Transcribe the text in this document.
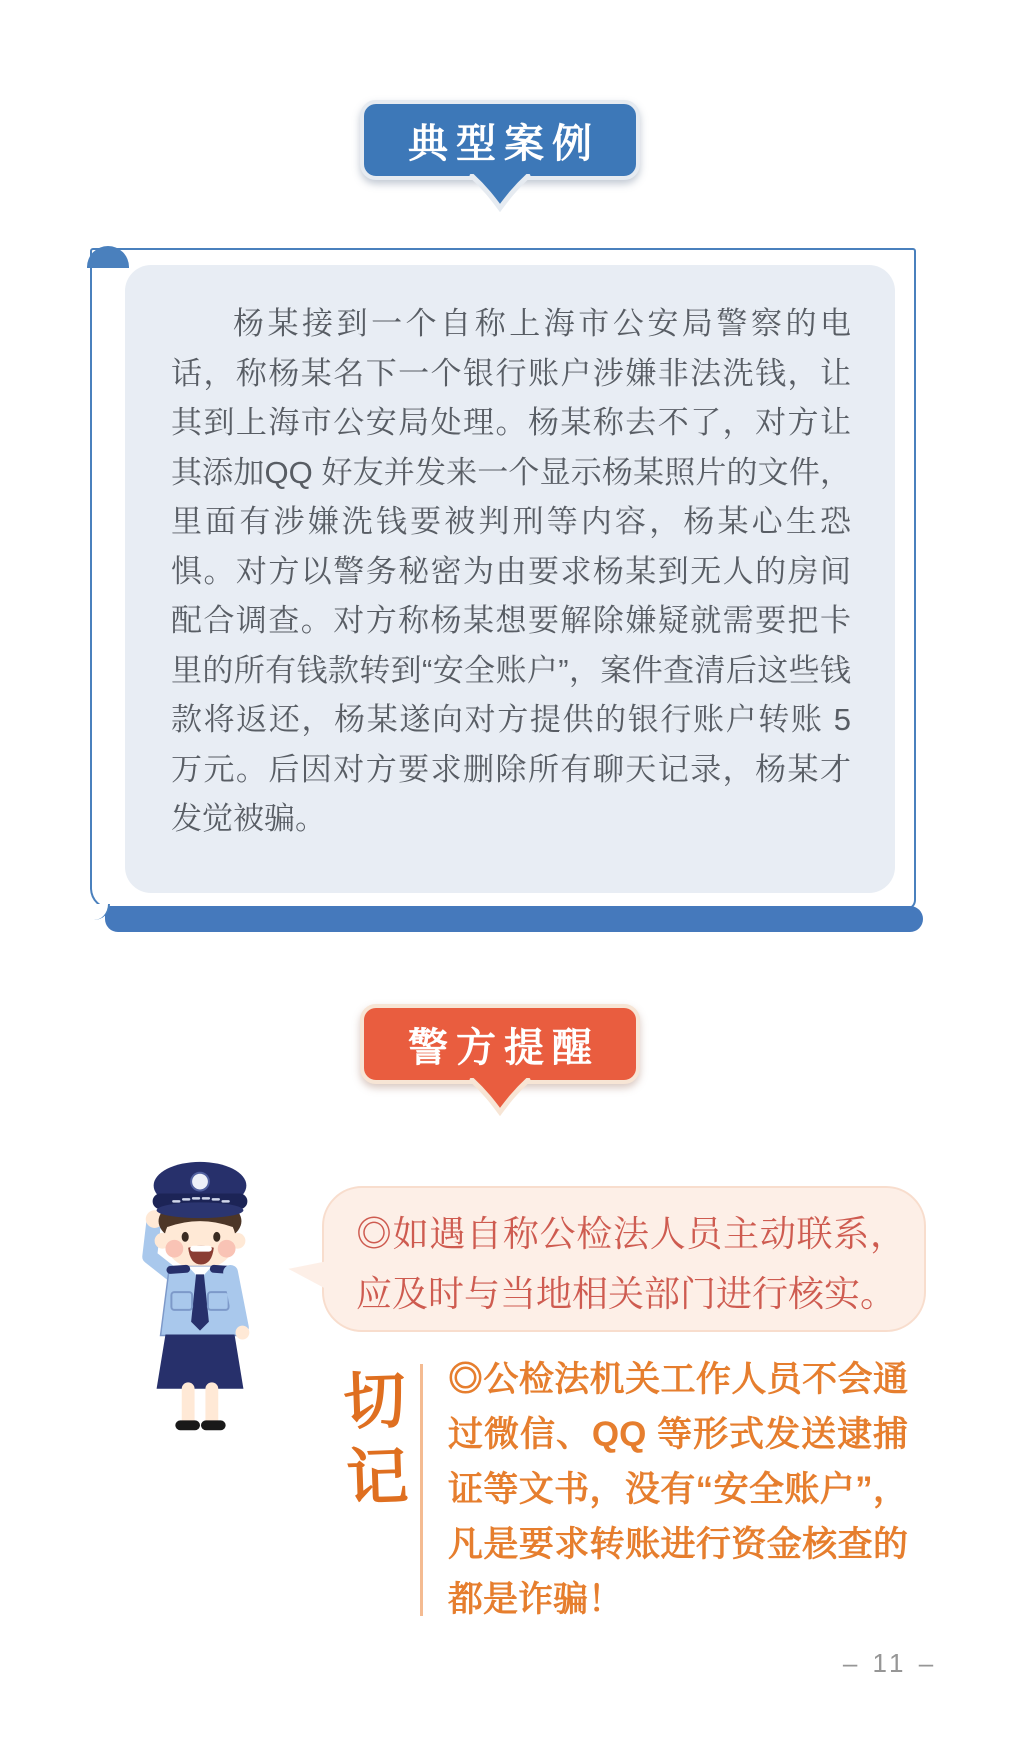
典型案例

杨某接到一个自称上海市公安局警察的电话，称杨某名下一个银行账户涉嫌非法洗钱，让其到上海市公安局处理。杨某称去不了，对方让其添加QQ 好友并发来一个显示杨某照片的文件，里面有涉嫌洗钱要被判刑等内容，杨某心生恐惧。对方以警务秘密为由要求杨某到无人的房间配合调查。对方称杨某想要解除嫌疑就需要把卡里的所有钱款转到“安全账户”，案件查清后这些钱款将返还，杨某遂向对方提供的银行账户转账 5 万元。后因对方要求删除所有聊天记录，杨某才发觉被骗。

警方提醒

◎如遇自称公检法人员主动联系，应及时与当地相关部门进行核实。

切记	◎公检法机关工作人员不会通过微信、QQ 等形式发送逮捕证等文书，没有“安全账户”，凡是要求转账进行资金核查的都是诈骗！

– 11 –
